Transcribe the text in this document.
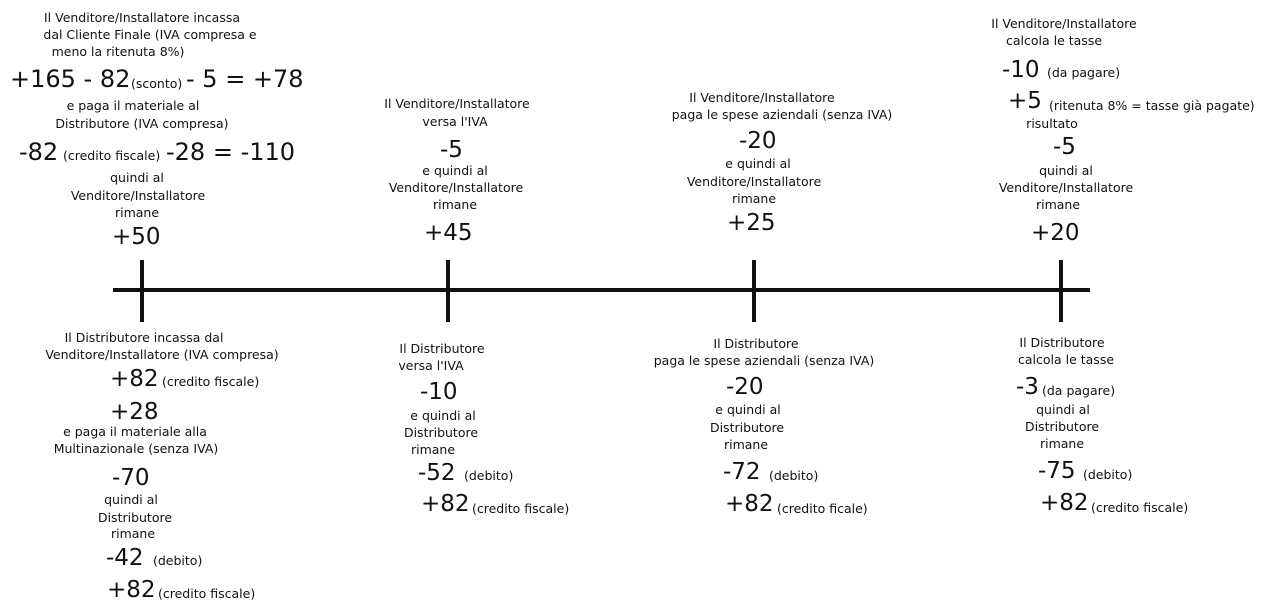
Il Venditore/Installatore incassa
dal Cliente Finale (IVA compresa e
meno la ritenuta 8%)
+165 - 82 (sconto) - 5 = +78
e paga il materiale al
Distributore (IVA compresa)
-82 (credito fiscale) -28 = -110
quindi al
Venditore/Installatore
rimane
+50
Il Venditore/Installatore
versa l'IVA
-5
e quindi al
Venditore/Installatore
rimane
+45
Il Venditore/Installatore
paga le spese aziendali (senza IVA)
-20
e quindi al
Venditore/Installatore
rimane
+25
Il Venditore/Installatore
calcola le tasse
-10 (da pagare)
+5 (ritenuta 8% = tasse già pagate)
risultato
-5
quindi al
Venditore/Installatore
rimane
+20
Il Distributore incassa dal
Venditore/Installatore (IVA compresa)
+82 (credito fiscale)
+28
e paga il materiale alla
Multinazionale (senza IVA)
-70
quindi al
Distributore
rimane
-42 (debito)
+82 (credito fiscale)
Il Distributore
versa l'IVA
-10
e quindi al
Distributore
rimane
-52 (debito)
+82 (credito fiscale)
Il Distributore
paga le spese aziendali (senza IVA)
-20
e quindi al
Distributore
rimane
-72 (debito)
+82 (credito ficale)
Il Distributore
calcola le tasse
-3 (da pagare)
quindi al
Distributore
rimane
-75 (debito)
+82 (credito fiscale)
